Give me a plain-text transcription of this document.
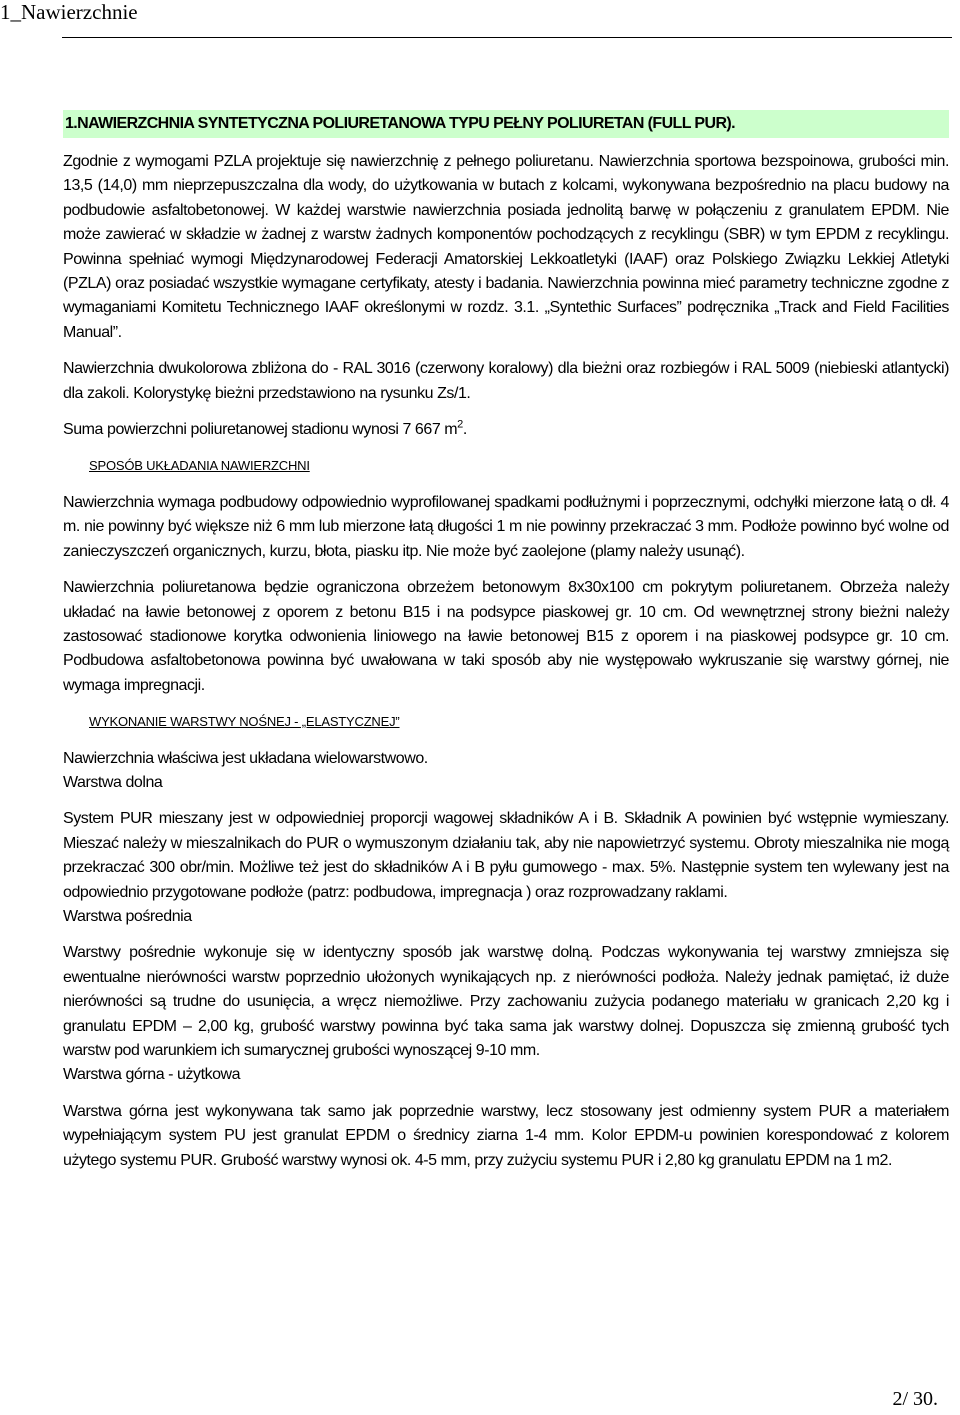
1_Nawierzchnie
1.NAWIERZCHNIA SYNTETYCZNA POLIURETANOWA TYPU PEŁNY POLIURETAN (FULL PUR).

Zgodnie z wymogami PZLA projektuje się nawierzchnię z pełnego poliuretanu. Nawierzchnia sportowa bezspoinowa, grubości min. 13,5 (14,0) mm nieprzepuszczalna dla wody, do użytkowania w butach z kolcami, wykonywana bezpośrednio na placu budowy na podbudowie asfaltobetonowej. W każdej warstwie nawierzchnia posiada jednolitą barwę w połączeniu z granulatem EPDM. Nie może zawierać w składzie w żadnej z warstw żadnych komponentów pochodzących z recyklingu (SBR) w tym EPDM z recyklingu. Powinna spełniać wymogi Międzynarodowej Federacji Amatorskiej Lekkoatletyki (IAAF) oraz Polskiego Związku Lekkiej Atletyki (PZLA) oraz posiadać wszystkie wymagane certyfikaty, atesty i badania. Nawierzchnia powinna mieć parametry techniczne zgodne z wymaganiami Komitetu Technicznego IAAF określonymi w rozdz. 3.1. „Syntethic Surfaces” podręcznika „Track and Field Facilities Manual”.

Nawierzchnia dwukolorowa zbliżona do - RAL 3016 (czerwony koralowy) dla bieżni oraz rozbiegów i RAL 5009 (niebieski atlantycki) dla zakoli. Kolorystykę bieżni przedstawiono na rysunku Zs/1.

Suma powierzchni poliuretanowej stadionu wynosi 7 667 $m^2$.

SPOSÓB UKŁADANIA NAWIERZCHNI

Nawierzchnia wymaga podbudowy odpowiednio wyprofilowanej spadkami podłużnymi i poprzecznymi, odchyłki mierzone łatą o dł. 4 m. nie powinny być większe niż 6 mm lub mierzone łatą długości 1 m nie powinny przekraczać 3 mm. Podłoże powinno być wolne od zanieczyszczeń organicznych, kurzu, błota, piasku itp. Nie może być zaolejone (plamy należy usunąć).

Nawierzchnia poliuretanowa będzie ograniczona obrzeżem betonowym 8x30x100 cm pokrytym poliuretanem. Obrzeża należy układać na ławie betonowej z oporem z betonu B15 i na podsypce piaskowej gr. 10 cm. Od wewnętrznej strony bieżni należy zastosować stadionowe korytka odwonienia liniowego na ławie betonowej B15 z oporem i na piaskowej podsypce gr. 10 cm. Podbudowa asfaltobetonowa powinna być uwałowana w taki sposób aby nie występowało wykruszanie się warstwy górnej, nie wymaga impregnacji.

WYKONANIE WARSTWY NOŚNEJ - „ELASTYCZNEJ”

Nawierzchnia właściwa jest układana wielowarstwowo.

Warstwa dolna

System PUR mieszany jest w odpowiedniej proporcji wagowej składników A i B. Składnik A powinien być wstępnie wymieszany. Mieszać należy w mieszalnikach do PUR o wymuszonym działaniu tak, aby nie napowietrzyć systemu. Obroty mieszalnika nie mogą przekraczać 300 obr/min. Możliwe też jest do składników A i B pyłu gumowego - max. 5%. Następnie system ten wylewany jest na odpowiednio przygotowane podłoże (patrz: podbudowa, impregnacja ) oraz rozprowadzany raklami.

Warstwa pośrednia

Warstwy pośrednie wykonuje się w identyczny sposób jak warstwę dolną. Podczas wykonywania tej warstwy zmniejsza się ewentualne nierówności warstw poprzednio ułożonych wynikających np. z nierówności podłoża. Należy jednak pamiętać, iż duże nierówności są trudne do usunięcia, a wręcz niemożliwe. Przy zachowaniu zużycia podanego materiału w granicach 2,20 kg i granulatu EPDM – 2,00 kg, grubość warstwy powinna być taka sama jak warstwy dolnej. Dopuszcza się zmienną grubość tych warstw pod warunkiem ich sumarycznej grubości wynoszącej 9-10 mm.

Warstwa górna - użytkowa

Warstwa górna jest wykonywana tak samo jak poprzednie warstwy, lecz stosowany jest odmienny system PUR a materiałem wypełniającym system PU jest granulat EPDM o średnicy ziarna 1-4 mm. Kolor EPDM-u powinien korespondować z kolorem użytego systemu PUR. Grubość warstwy wynosi ok. 4-5 mm, przy zużyciu systemu PUR i 2,80 kg granulatu EPDM na 1 m2.

2/ 30.
